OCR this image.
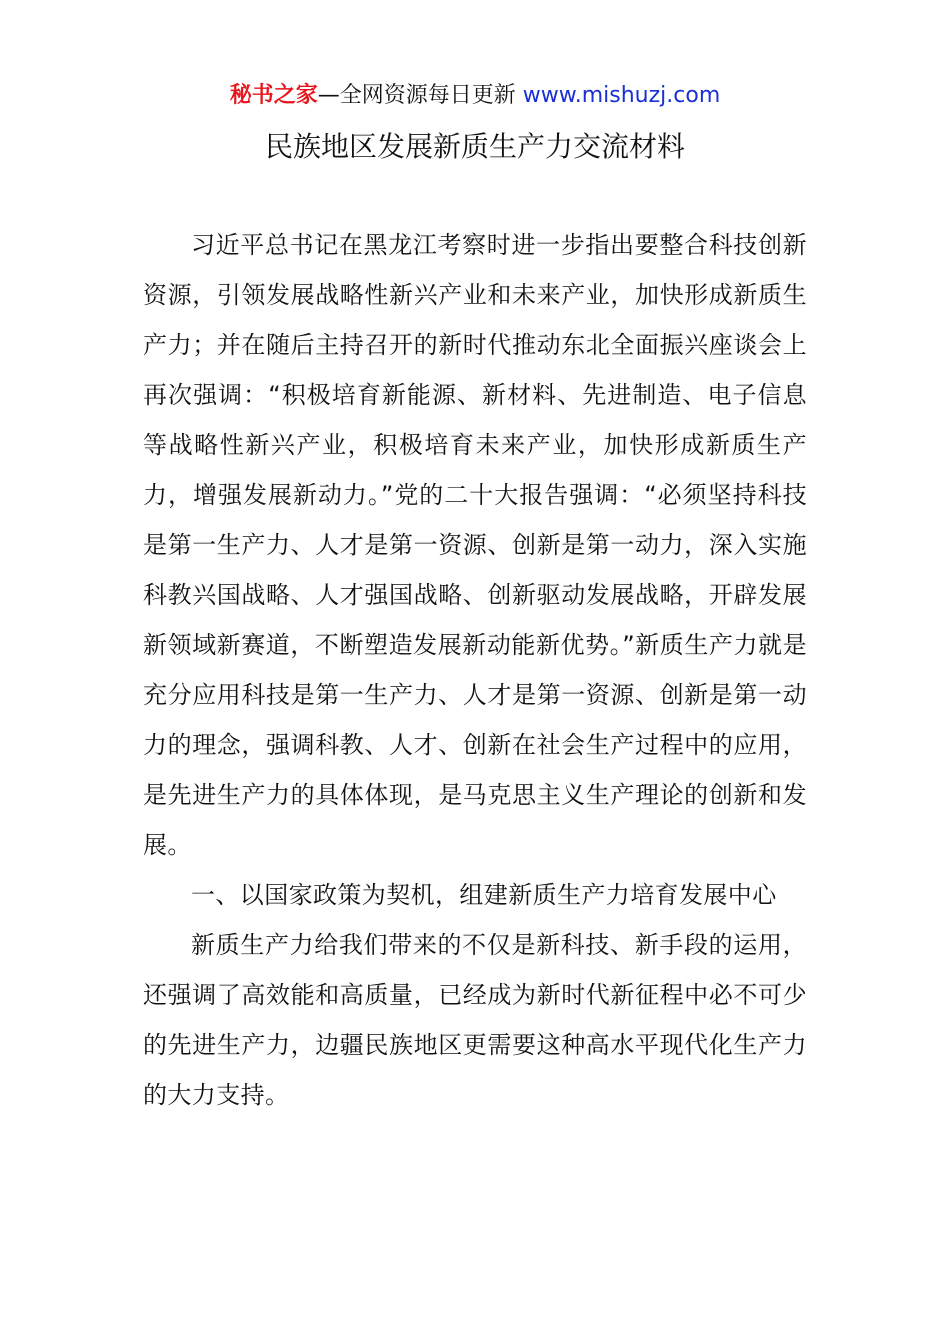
秘书之家—全网资源每日更新 www.mishuzj.com
民族地区发展新质生产力交流材料

习近平总书记在黑龙江考察时进一步指出要整合科技创新资源，引领发展战略性新兴产业和未来产业，加快形成新质生产力；并在随后主持召开的新时代推动东北全面振兴座谈会上再次强调：“积极培育新能源、新材料、先进制造、电子信息等战略性新兴产业，积极培育未来产业，加快形成新质生产力，增强发展新动力。”党的二十大报告强调：“必须坚持科技是第一生产力、人才是第一资源、创新是第一动力，深入实施科教兴国战略、人才强国战略、创新驱动发展战略，开辟发展新领域新赛道，不断塑造发展新动能新优势。”新质生产力就是充分应用科技是第一生产力、人才是第一资源、创新是第一动力的理念，强调科教、人才、创新在社会生产过程中的应用，是先进生产力的具体体现，是马克思主义生产理论的创新和发展。

一、以国家政策为契机，组建新质生产力培育发展中心

新质生产力给我们带来的不仅是新科技、新手段的运用，还强调了高效能和高质量，已经成为新时代新征程中必不可少的先进生产力，边疆民族地区更需要这种高水平现代化生产力的大力支持。
